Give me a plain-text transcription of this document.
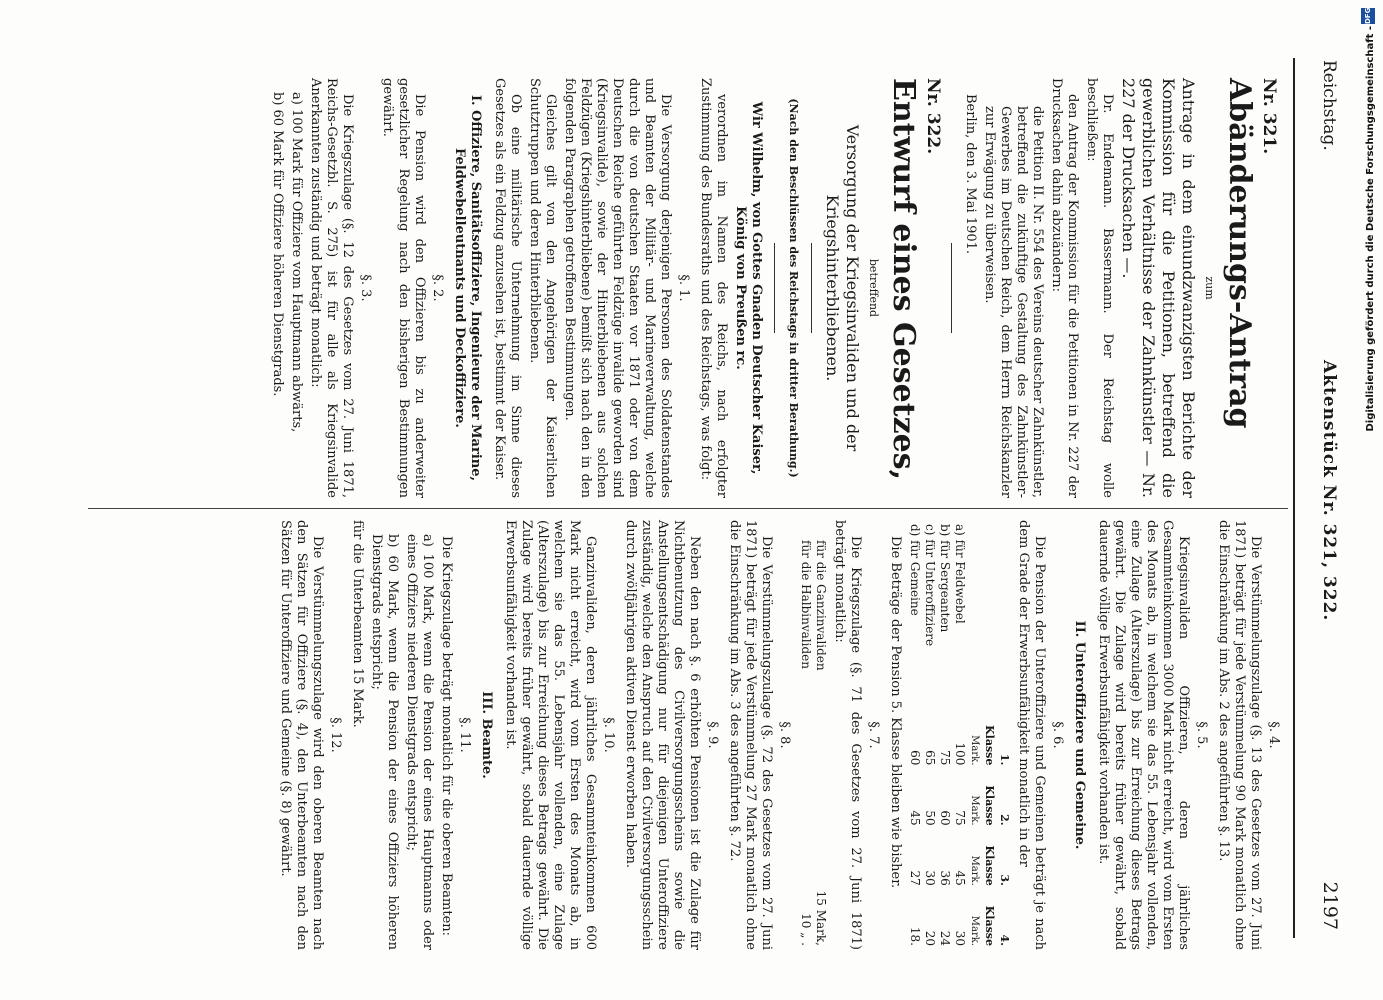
Reichstag.
Aktenstück Nr. 321, 322.
2197

Nr. 321.

Abänderungs-Antrag

zum

Antrage in dem einundzwanzigsten Berichte der Kommission für die Petitionen, betreffend die gewerblichen Verhältnisse der Zahnkünstler — Nr. 227 der Drucksachen —.

Dr. Endemann. Bassermann. Der Reichstag wolle beschließen:

den Antrag der Kommission für die Petitionen in Nr. 227 der Drucksachen dahin abzuändern:

die Petition II. Nr. 554 des Vereins deutscher Zahnkünstler, betreffend die zukünftige Gestaltung des Zahnkünstler-Gewerbes im Deutschen Reich, dem Herrn Reichskanzler zur Erwägung zu überweisen.

Berlin, den 3. Mai 1901.

Nr. 322.

Entwurf eines Gesetzes,

betreffend

Versorgung der Kriegsinvaliden und der Kriegshinterbliebenen.

(Nach den Beschlüssen des Reichstags in dritter Berathung.)

Wir Wilhelm, von Gottes Gnaden Deutscher Kaiser, König von Preußen rc.

verordnen im Namen des Reichs, nach erfolgter Zustimmung des Bundesraths und des Reichstags, was folgt:

§. 1.

Die Versorgung derjenigen Personen des Soldatenstandes und Beamten der Militär- und Marineverwaltung, welche durch die von deutschen Staaten vor 1871 oder von dem Deutschen Reiche geführten Feldzüge invalide geworden sind (Kriegsinvalide), sowie der Hinterbliebenen aus solchen Feldzügen (Kriegshinterbliebene) bemißt sich nach den in den folgenden Paragraphen getroffenen Bestimmungen.

Gleiches gilt von den Angehörigen der Kaiserlichen Schutztruppen und deren Hinterbliebenen.

Ob eine militärische Unternehmung im Sinne dieses Gesetzes als ein Feldzug anzusehen ist, bestimmt der Kaiser.

I. Offiziere, Sanitätsoffiziere, Ingenieure der Marine, Feldwebelleutnants und Deckoffiziere.

§. 2.

Die Pension wird den Offizieren bis zu anderweiter gesetzlicher Regelung nach den bisherigen Bestimmungen gewährt.

§. 3.

Die Kriegszulage (§. 12 des Gesetzes vom 27. Juni 1871, Reichs-Gesetzbl. S. 275) ist für alle als Kriegsinvalide Anerkannten zuständig und beträgt monatlich:

a) 100 Mark für Offiziere vom Hauptmann abwärts,

b) 60 Mark für Offiziere höheren Dienstgrads.

§. 4.

Die Verstümmelungszulage (§. 13 des Gesetzes vom 27. Juni 1871) beträgt für jede Verstümmelung 90 Mark monatlich ohne die Einschränkung im Abs. 2 des angeführten §. 13.

§. 5.

Kriegsinvaliden Offizieren, deren jährliches Gesammteinkommen 3000 Mark nicht erreicht, wird vom Ersten des Monats ab, in welchem sie das 55. Lebensjahr vollenden, eine Zulage (Alterszulage) bis zur Erreichung dieses Betrags gewährt. Die Zulage wird bereits früher gewährt, sobald dauernde völlige Erwerbsunfähigkeit vorhanden ist.

II. Unteroffiziere und Gemeine.

§. 6.

Die Pension der Unteroffiziere und Gemeinen beträgt je nach dem Grade der Erwerbsunfähigkeit monatlich in der

	1. Klasse	2. Klasse	3. Klasse	4. Klasse
	Mark.	Mark.	Mark.	Mark.
a) für Feldwebel	100	75	45	30
b) für Sergeanten	75	60	36	24
c) für Unteroffiziere	65	50	30	20
d) für Gemeine	60	45	27	18.

Die Beträge der Pension 5. Klasse bleiben wie bisher.

§. 7.

Die Kriegszulage (§. 71 des Gesetzes vom 27. Juni 1871) beträgt monatlich:

für die Ganzinvaliden	15 Mark,
für die Halbinvaliden	10 „ .

§. 8.

Die Verstümmelungszulage (§. 72 des Gesetzes vom 27. Juni 1871) beträgt für jede Verstümmelung 27 Mark monatlich ohne die Einschränkung im Abs. 3 des angeführten §. 72.

§. 9.

Neben den nach §. 6 erhöhten Pensionen ist die Zulage für Nichtbenutzung des Civilversorgungsscheins sowie die Anstellungsentschädigung nur für diejenigen Unteroffiziere zuständig, welche den Anspruch auf den Civilversorgungsschein durch zwölfjährigen aktiven Dienst erworben haben.

§. 10.

Ganzinvaliden, deren jährliches Gesammteinkommen 600 Mark nicht erreicht, wird vom Ersten des Monats ab, in welchem sie das 55. Lebensjahr vollenden, eine Zulage (Alterszulage) bis zur Erreichung dieses Betrags gewährt. Die Zulage wird bereits früher gewährt, sobald dauernde völlige Erwerbsunfähigkeit vorhanden ist.

III. Beamte.

§. 11.

Die Kriegszulage beträgt monatlich für die oberen Beamten:

a) 100 Mark, wenn die Pension der eines Hauptmanns oder eines Offiziers niederen Dienstgrads entspricht;

b) 60 Mark, wenn die Pension der eines Offiziers höheren Dienstgrads entspricht;

für die Unterbeamten 15 Mark.

§. 12.

Die Verstümmelungszulage wird den oberen Beamten nach den Sätzen für Offiziere (§. 4), den Unterbeamten nach den Sätzen für Unteroffiziere und Gemeine (§. 8) gewährt.

DFG
Digitalisierung gefördert durch die Deutsche Forschungsgemeinschaft -
